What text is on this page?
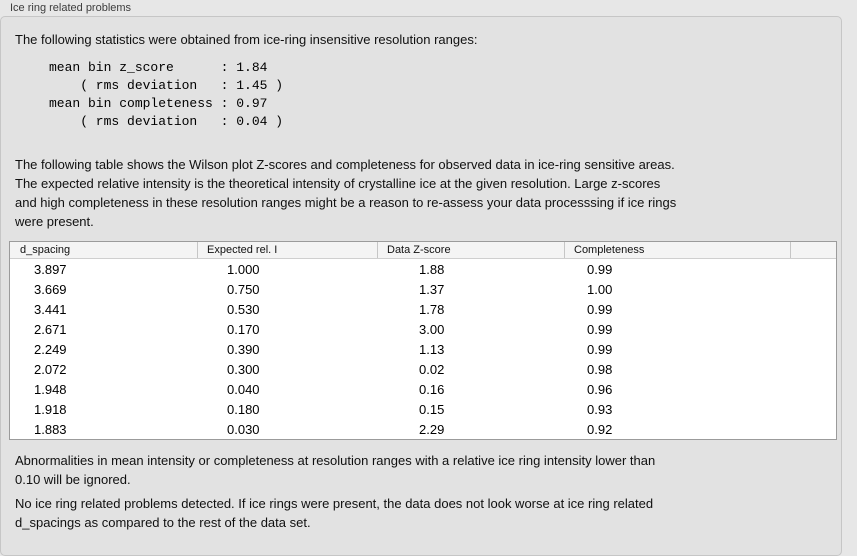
Ice ring related problems
The following statistics were obtained from ice-ring insensitive resolution ranges:
mean bin z_score      : 1.84
( rms deviation   : 1.45 )
mean bin completeness : 0.97
( rms deviation   : 0.04 )
The following table shows the Wilson plot Z-scores and completeness for observed data in ice-ring sensitive areas.
The expected relative intensity is the theoretical intensity of crystalline ice at the given resolution. Large z-scores
and high completeness in these resolution ranges might be a reason to re-assess your data processsing if ice rings
were present.
d_spacing	Expected rel. I	Data Z-score	Completeness
3.897	1.000	1.88	0.99
3.669	0.750	1.37	1.00
3.441	0.530	1.78	0.99
2.671	0.170	3.00	0.99
2.249	0.390	1.13	0.99
2.072	0.300	0.02	0.98
1.948	0.040	0.16	0.96
1.918	0.180	0.15	0.93
1.883	0.030	2.29	0.92
Abnormalities in mean intensity or completeness at resolution ranges with a relative ice ring intensity lower than
0.10 will be ignored.
No ice ring related problems detected. If ice rings were present, the data does not look worse at ice ring related
d_spacings as compared to the rest of the data set.
